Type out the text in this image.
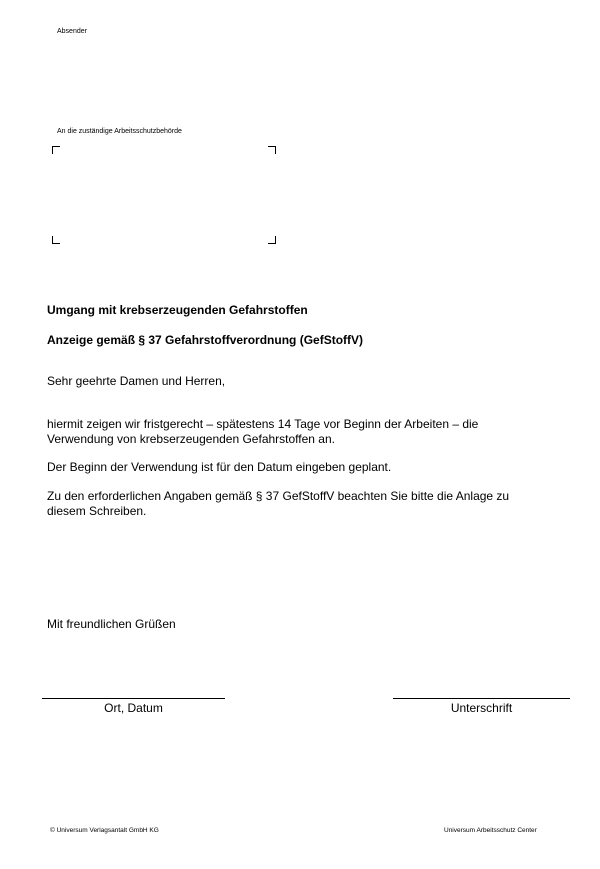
Absender
An die zuständige Arbeitsschutzbehörde
Umgang mit krebserzeugenden Gefahrstoffen
Anzeige gemäß § 37 Gefahrstoffverordnung (GefStoffV)
Sehr geehrte Damen und Herren,
hiermit zeigen wir fristgerecht – spätestens 14 Tage vor Beginn der Arbeiten – die
Verwendung von krebserzeugenden Gefahrstoffen an.
Der Beginn der Verwendung ist für den Datum eingeben geplant.
Zu den erforderlichen Angaben gemäß § 37 GefStoffV beachten Sie bitte die Anlage zu
diesem Schreiben.
Mit freundlichen Grüßen
Ort, Datum	Unterschrift
© Universum Verlagsantalt GmbH KG	Universum Arbeitsschutz Center
